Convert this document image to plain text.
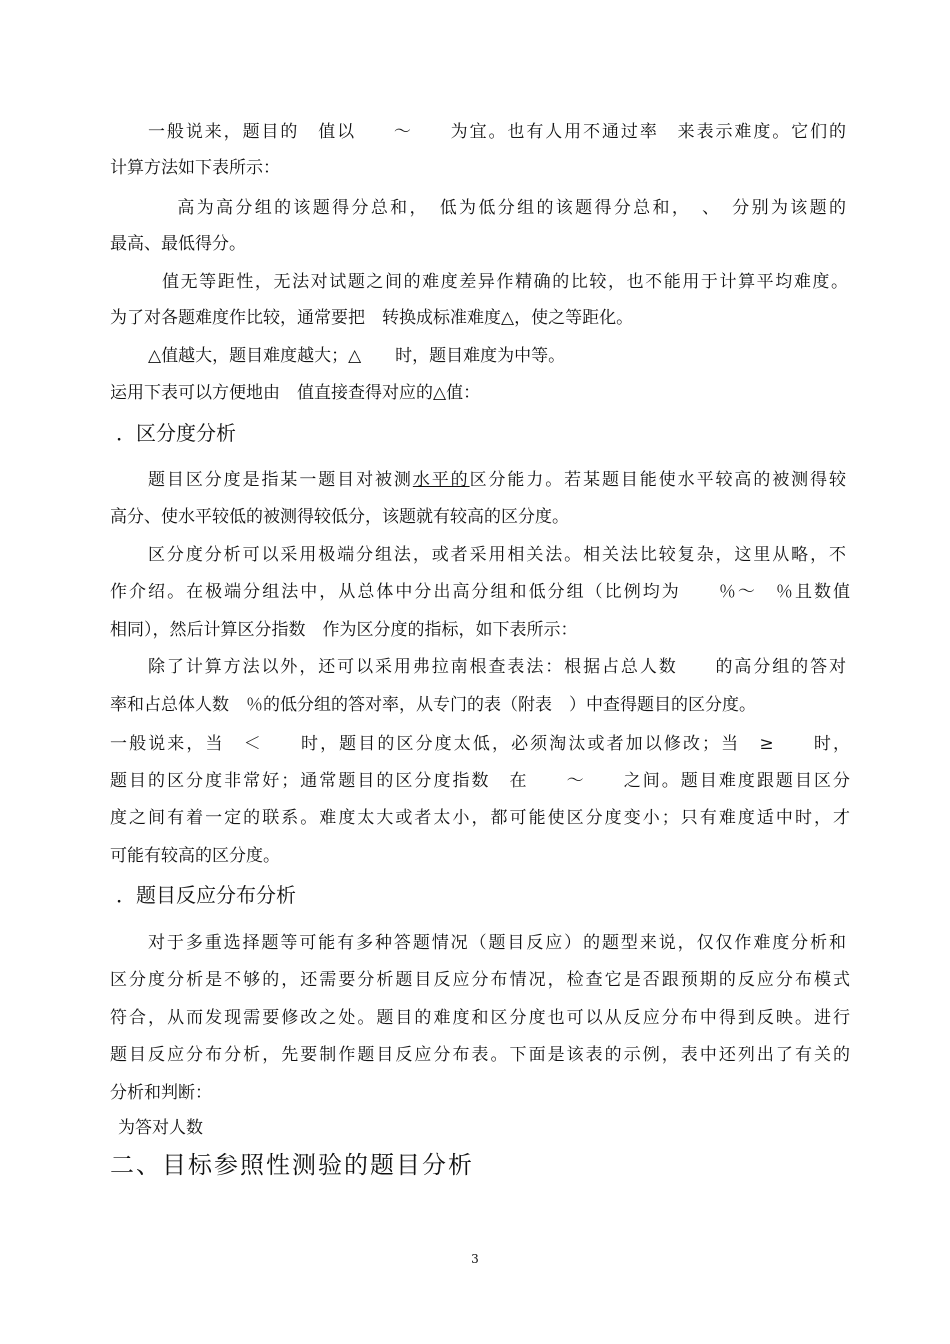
一般说来，题目的　值以　　～　　为宜。也有人用不通过率　来表示难度。它们的
计算方法如下表所示：
　高为高分组的该题得分总和，　低为低分组的该题得分总和，　、　分别为该题的
最高、最低得分。
值无等距性，无法对试题之间的难度差异作精确的比较，也不能用于计算平均难度。
为了对各题难度作比较，通常要把　转换成标准难度△，使之等距化。
△值越大，题目难度越大；△　　时，题目难度为中等。
运用下表可以方便地由　值直接查得对应的△值：
．区分度分析
题目区分度是指某一题目对被测水平的区分能力。若某题目能使水平较高的被测得较
高分、使水平较低的被测得较低分，该题就有较高的区分度。
区分度分析可以采用极端分组法，或者采用相关法。相关法比较复杂，这里从略，不
作介绍。在极端分组法中，从总体中分出高分组和低分组（比例均为　　％～　％且数值
相同），然后计算区分指数　作为区分度的指标，如下表所示：
除了计算方法以外，还可以采用弗拉南根查表法：根据占总人数　　的高分组的答对
率和占总体人数　％的低分组的答对率，从专门的表（附表　）中查得题目的区分度。
一般说来，当　＜　　时，题目的区分度太低，必须淘汰或者加以修改；当　≥　　时，
题目的区分度非常好；通常题目的区分度指数　在　　～　　之间。题目难度跟题目区分
度之间有着一定的联系。难度太大或者太小，都可能使区分度变小；只有难度适中时，才
可能有较高的区分度。
．题目反应分布分析
对于多重选择题等可能有多种答题情况（题目反应）的题型来说，仅仅作难度分析和
区分度分析是不够的，还需要分析题目反应分布情况，检查它是否跟预期的反应分布模式
符合，从而发现需要修改之处。题目的难度和区分度也可以从反应分布中得到反映。进行
题目反应分布分析，先要制作题目反应分布表。下面是该表的示例，表中还列出了有关的
分析和判断：
为答对人数
二、目标参照性测验的题目分析
3
